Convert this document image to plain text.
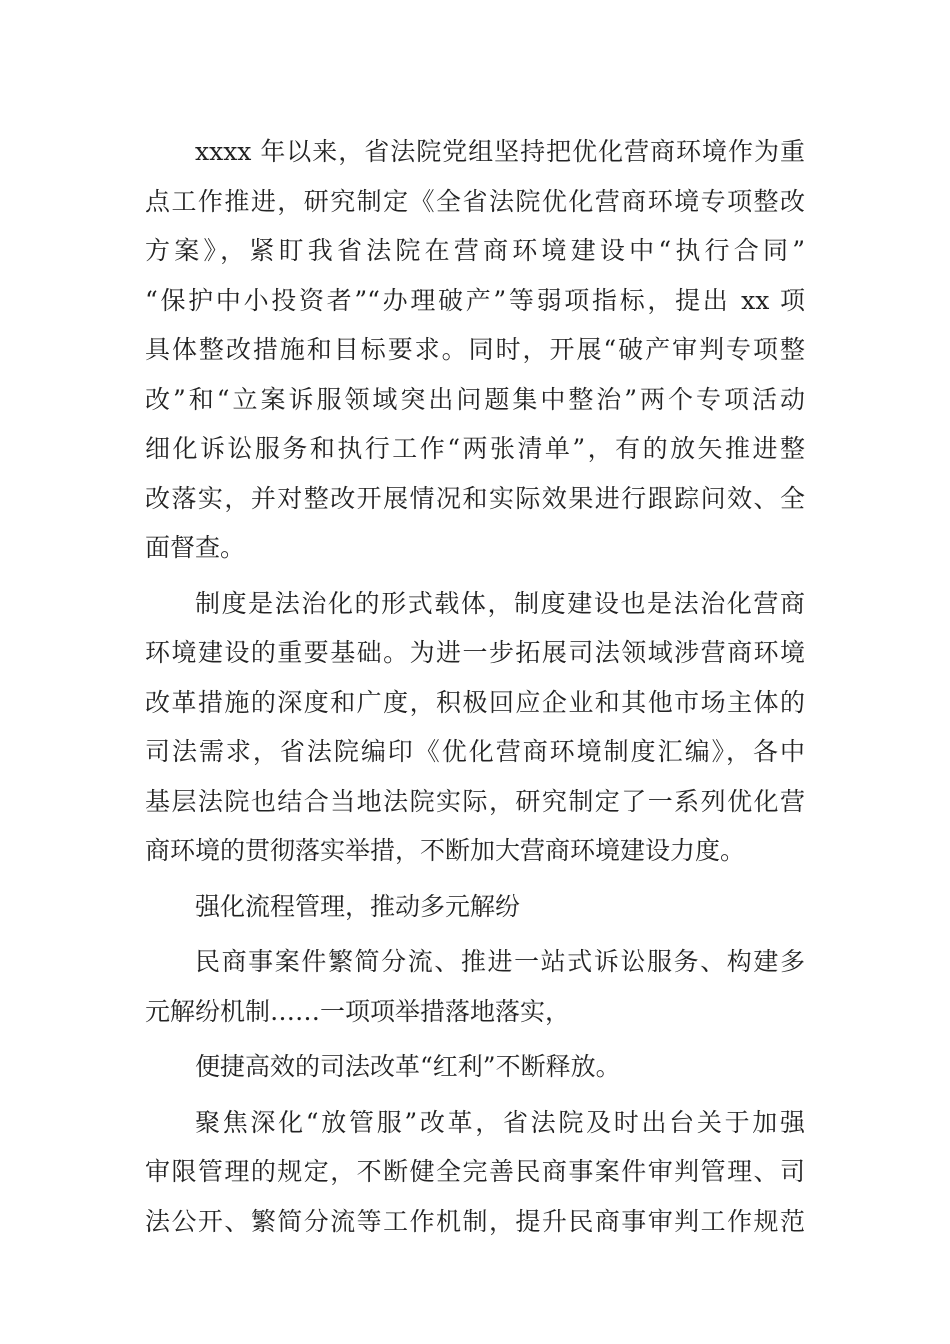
xxxx 年以来，省法院党组坚持把优化营商环境作为重
点工作推进，研究制定《全省法院优化营商环境专项整改
方案》，紧盯我省法院在营商环境建设中“执行合同”
“保护中小投资者”“办理破产”等弱项指标，提出 xx 项
具体整改措施和目标要求。同时，开展“破产审判专项整
改”和“立案诉服领域突出问题集中整治”两个专项活动
细化诉讼服务和执行工作“两张清单”，有的放矢推进整
改落实，并对整改开展情况和实际效果进行跟踪问效、全
面督查。
制度是法治化的形式载体，制度建设也是法治化营商
环境建设的重要基础。为进一步拓展司法领域涉营商环境
改革措施的深度和广度，积极回应企业和其他市场主体的
司法需求，省法院编印《优化营商环境制度汇编》，各中
基层法院也结合当地法院实际，研究制定了一系列优化营
商环境的贯彻落实举措，不断加大营商环境建设力度。
强化流程管理，推动多元解纷
民商事案件繁简分流、推进一站式诉讼服务、构建多
元解纷机制……一项项举措落地落实，
便捷高效的司法改革“红利”不断释放。
聚焦深化“放管服”改革，省法院及时出台关于加强
审限管理的规定，不断健全完善民商事案件审判管理、司
法公开、繁简分流等工作机制，提升民商事审判工作规范
